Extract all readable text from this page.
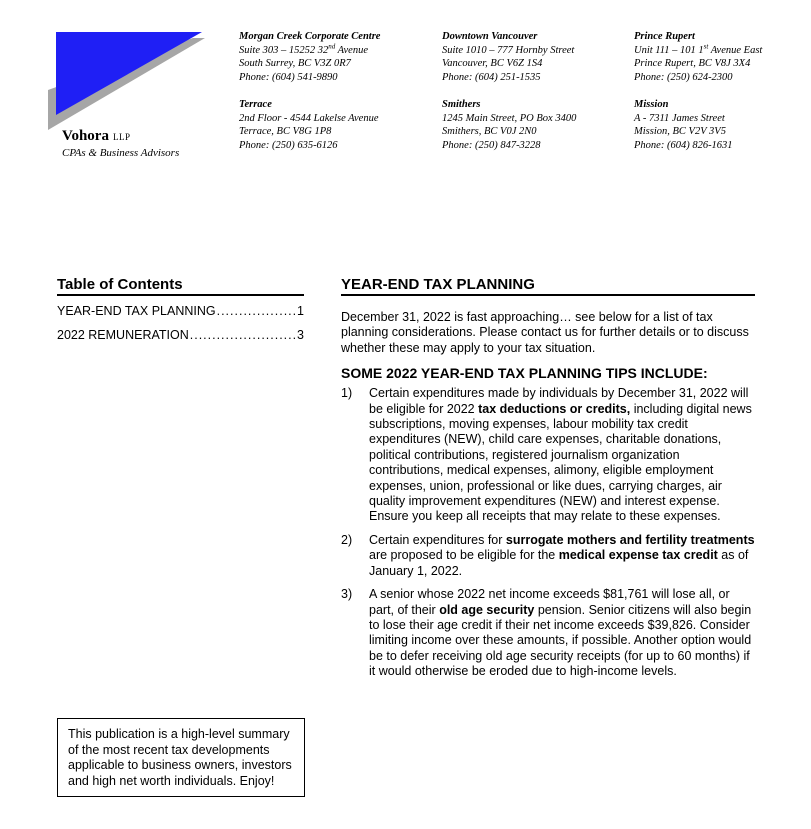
Vohora LLP
CPAs & Business Advisors
Morgan Creek Corporate Centre
Suite 303 – 15252 32nd Avenue
South Surrey, BC V3Z 0R7
Phone: (604) 541-9890
Downtown Vancouver
Suite 1010 – 777 Hornby Street
Vancouver, BC V6Z 1S4
Phone: (604) 251-1535
Prince Rupert
Unit 111 – 101 1st Avenue East
Prince Rupert, BC V8J 3X4
Phone: (250) 624-2300
Terrace
2nd Floor - 4544 Lakelse Avenue
Terrace, BC V8G 1P8
Phone: (250) 635-6126
Smithers
1245 Main Street, PO Box 3400
Smithers, BC V0J 2N0
Phone: (250) 847-3228
Mission
A - 7311 James Street
Mission, BC V2V 3V5
Phone: (604) 826-1631
Table of Contents
YEAR-END TAX PLANNING .....	1
2022 REMUNERATION .....	3
YEAR-END TAX PLANNING
December 31, 2022 is fast approaching… see below for a list of tax planning considerations. Please contact us for further details or to discuss whether these may apply to your tax situation.
SOME 2022 YEAR-END TAX PLANNING TIPS INCLUDE:
1) Certain expenditures made by individuals by December 31, 2022 will be eligible for 2022 tax deductions or credits, including digital news subscriptions, moving expenses, labour mobility tax credit expenditures (NEW), child care expenses, charitable donations, political contributions, registered journalism organization contributions, medical expenses, alimony, eligible employment expenses, union, professional or like dues, carrying charges, air quality improvement expenditures (NEW) and interest expense. Ensure you keep all receipts that may relate to these expenses.
2) Certain expenditures for surrogate mothers and fertility treatments are proposed to be eligible for the medical expense tax credit as of January 1, 2022.
3) A senior whose 2022 net income exceeds $81,761 will lose all, or part, of their old age security pension. Senior citizens will also begin to lose their age credit if their net income exceeds $39,826. Consider limiting income over these amounts, if possible. Another option would be to defer receiving old age security receipts (for up to 60 months) if it would otherwise be eroded due to high-income levels.
This publication is a high-level summary of the most recent tax developments applicable to business owners, investors and high net worth individuals. Enjoy!
